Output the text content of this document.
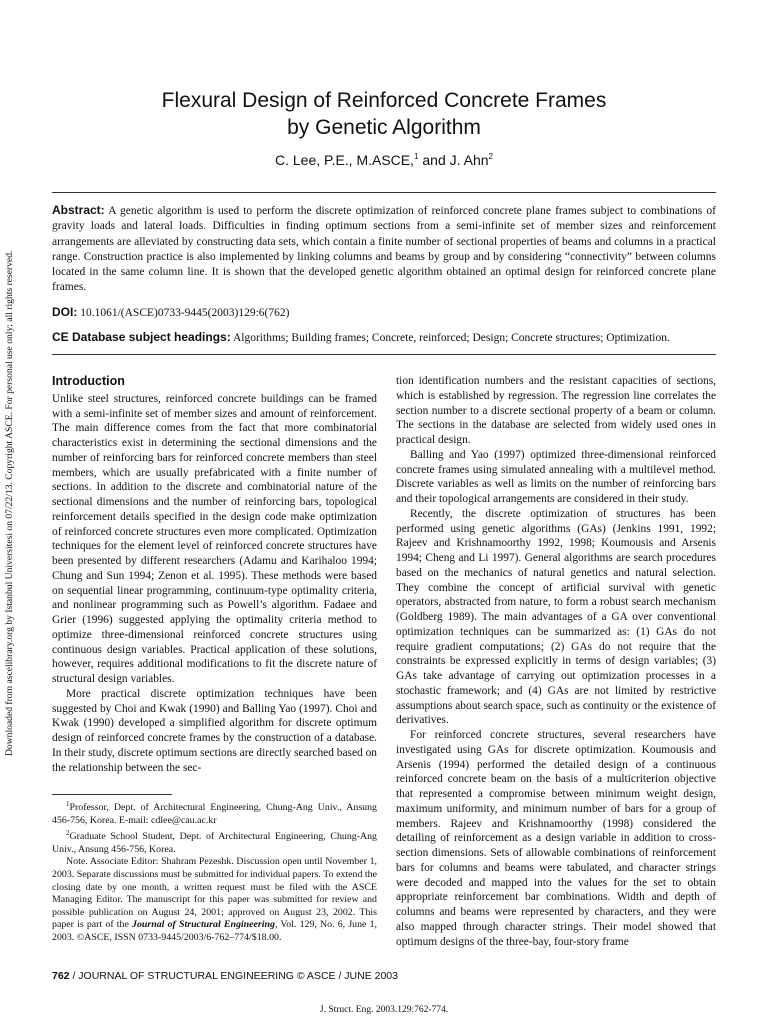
Downloaded from ascelibrary.org by Istanbul Universitesi on 07/22/13. Copyright ASCE. For personal use only; all rights reserved.
Flexural Design of Reinforced Concrete Frames
by Genetic Algorithm
C. Lee, P.E., M.ASCE,$^1$ and J. Ahn$^2$
Abstract: A genetic algorithm is used to perform the discrete optimization of reinforced concrete plane frames subject to combinations of gravity loads and lateral loads. Difficulties in finding optimum sections from a semi-infinite set of member sizes and reinforcement arrangements are alleviated by constructing data sets, which contain a finite number of sectional properties of beams and columns in a practical range. Construction practice is also implemented by linking columns and beams by group and by considering “connectivity” between columns located in the same column line. It is shown that the developed genetic algorithm obtained an optimal design for reinforced concrete plane frames.
DOI: 10.1061/(ASCE)0733-9445(2003)129:6(762)
CE Database subject headings: Algorithms; Building frames; Concrete, reinforced; Design; Concrete structures; Optimization.
Introduction

Unlike steel structures, reinforced concrete buildings can be framed with a semi-infinite set of member sizes and amount of reinforcement. The main difference comes from the fact that more combinatorial characteristics exist in determining the sectional dimensions and the number of reinforcing bars for reinforced concrete members than steel members, which are usually prefabricated with a finite number of sections. In addition to the discrete and combinatorial nature of the sectional dimensions and the number of reinforcing bars, topological reinforcement details specified in the design code make optimization of reinforced concrete structures even more complicated. Optimization techniques for the element level of reinforced concrete structures have been presented by different researchers (Adamu and Karihaloo 1994; Chung and Sun 1994; Zenon et al. 1995). These methods were based on sequential linear programming, continuum-type optimality criteria, and nonlinear programming such as Powell’s algorithm. Fadaee and Grier (1996) suggested applying the optimality criteria method to optimize three-dimensional reinforced concrete structures using continuous design variables. Practical application of these solutions, however, requires additional modifications to fit the discrete nature of structural design variables.

More practical discrete optimization techniques have been suggested by Choi and Kwak (1990) and Balling Yao (1997). Choi and Kwak (1990) developed a simplified algorithm for discrete optimum design of reinforced concrete frames by the construction of a database. In their study, discrete optimum sections are directly searched based on the relationship between the sec-

tion identification numbers and the resistant capacities of sections, which is established by regression. The regression line correlates the section number to a discrete sectional property of a beam or column. The sections in the database are selected from widely used ones in practical design.

Balling and Yao (1997) optimized three-dimensional reinforced concrete frames using simulated annealing with a multilevel method. Discrete variables as well as limits on the number of reinforcing bars and their topological arrangements are considered in their study.

Recently, the discrete optimization of structures has been performed using genetic algorithms (GAs) (Jenkins 1991, 1992; Rajeev and Krishnamoorthy 1992, 1998; Koumousis and Arsenis 1994; Cheng and Li 1997). General algorithms are search procedures based on the mechanics of natural genetics and natural selection. They combine the concept of artificial survival with genetic operators, abstracted from nature, to form a robust search mechanism (Goldberg 1989). The main advantages of a GA over conventional optimization techniques can be summarized as: (1) GAs do not require gradient computations; (2) GAs do not require that the constraints be expressed explicitly in terms of design variables; (3) GAs take advantage of carrying out optimization processes in a stochastic framework; and (4) GAs are not limited by restrictive assumptions about search space, such as continuity or the existence of derivatives.

For reinforced concrete structures, several researchers have investigated using GAs for discrete optimization. Koumousis and Arsenis (1994) performed the detailed design of a continuous reinforced concrete beam on the basis of a multicriterion objective that represented a compromise between minimum weight design, maximum uniformity, and minimum number of bars for a group of members. Rajeev and Krishnamoorthy (1998) considered the detailing of reinforcement as a design variable in addition to cross-section dimensions. Sets of allowable combinations of reinforcement bars for columns and beams were tabulated, and character strings were decoded and mapped into the values for the set to obtain appropriate reinforcement bar combinations. Width and depth of columns and beams were represented by characters, and they were also mapped through character strings. Their model showed that optimum designs of the three-bay, four-story frame

$^1$Professor, Dept. of Architectural Engineering, Chung-Ang Univ., Ansung 456-756, Korea. E-mail: cdlee@cau.ac.kr

$^2$Graduate School Student, Dept. of Architectural Engineering, Chung-Ang Univ., Ansung 456-756, Korea.

Note. Associate Editor: Shahram Pezeshk. Discussion open until November 1, 2003. Separate discussions must be submitted for individual papers. To extend the closing date by one month, a written request must be filed with the ASCE Managing Editor. The manuscript for this paper was submitted for review and possible publication on August 24, 2001; approved on August 23, 2002. This paper is part of the Journal of Structural Engineering, Vol. 129, No. 6, June 1, 2003. ©ASCE, ISSN 0733-9445/2003/6-762–774/$18.00.

762 / JOURNAL OF STRUCTURAL ENGINEERING © ASCE / JUNE 2003
J. Struct. Eng. 2003.129:762-774.
